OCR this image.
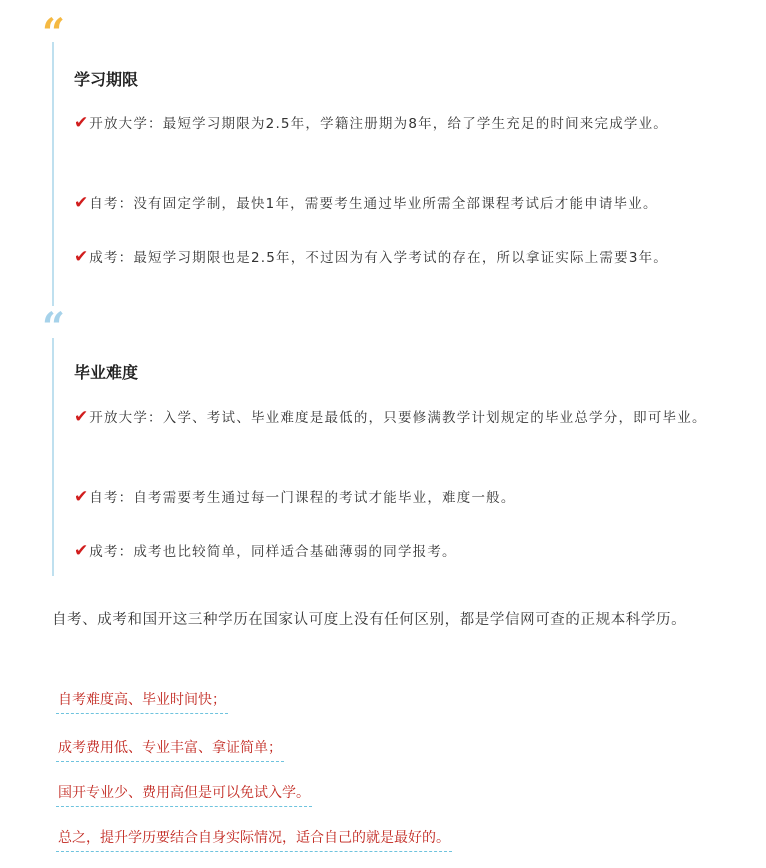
“
学习期限
✔开放大学：最短学习期限为2.5年，学籍注册期为8年，给了学生充足的时间来完成学业。
✔自考：没有固定学制，最快1年，需要考生通过毕业所需全部课程考试后才能申请毕业。
✔成考：最短学习期限也是2.5年，不过因为有入学考试的存在，所以拿证实际上需要3年。
“
毕业难度
✔开放大学：入学、考试、毕业难度是最低的，只要修满教学计划规定的毕业总学分，即可毕业。
✔自考：自考需要考生通过每一门课程的考试才能毕业，难度一般。
✔成考：成考也比较简单，同样适合基础薄弱的同学报考。

自考、成考和国开这三种学历在国家认可度上没有任何区别，都是学信网可查的正规本科学历。

自考难度高、毕业时间快；
成考费用低、专业丰富、拿证简单；
国开专业少、费用高但是可以免试入学。
总之，提升学历要结合自身实际情况，适合自己的就是最好的。
